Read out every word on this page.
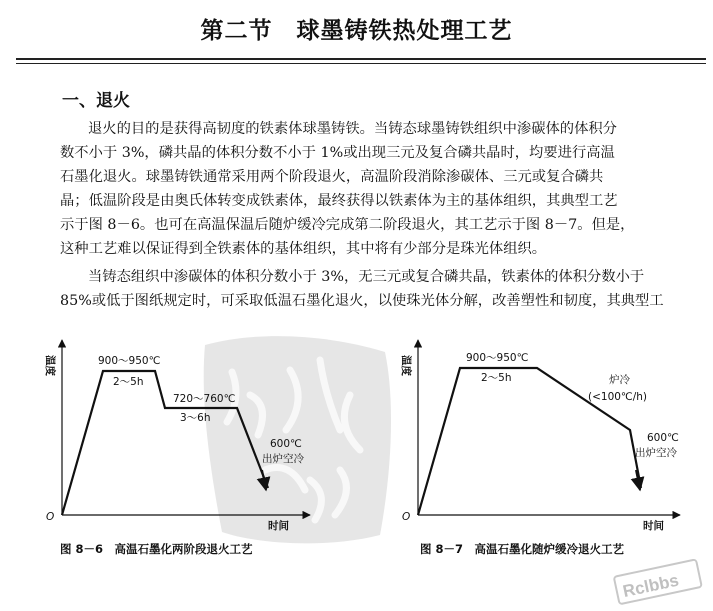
第二节　球墨铸铁热处理工艺
一、退火
退火的目的是获得高韧度的铁素体球墨铸铁。当铸态球墨铸铁组织中渗碳体的体积分
数不小于 3%，磷共晶的体积分数不小于 1%或出现三元及复合磷共晶时，均要进行高温
石墨化退火。球墨铸铁通常采用两个阶段退火，高温阶段消除渗碳体、三元或复合磷共
晶；低温阶段是由奥氏体转变成铁素体，最终获得以铁素体为主的基体组织，其典型工艺
示于图 8－6。也可在高温保温后随炉缓冷完成第二阶段退火，其工艺示于图 8－7。但是，
这种工艺难以保证得到全铁素体的基体组织，其中将有少部分是珠光体组织。
当铸态组织中渗碳体的体积分数小于 3%，无三元或复合磷共晶，铁素体的体积分数小于
85%或低于图纸规定时，可采取低温石墨化退火，以使珠光体分解，改善塑性和韧度，其典型工
温度
时间
O
900～950℃
2～5h
720～760℃
3～6h
600℃
出炉空冷
图 8－6　高温石墨化两阶段退火工艺
温度
时间
O
900～950℃
2～5h	炉冷
(<100℃/h)
600℃
出炉空冷
图 8－7　高温石墨化随炉缓冷退火工艺
Rclbbs
